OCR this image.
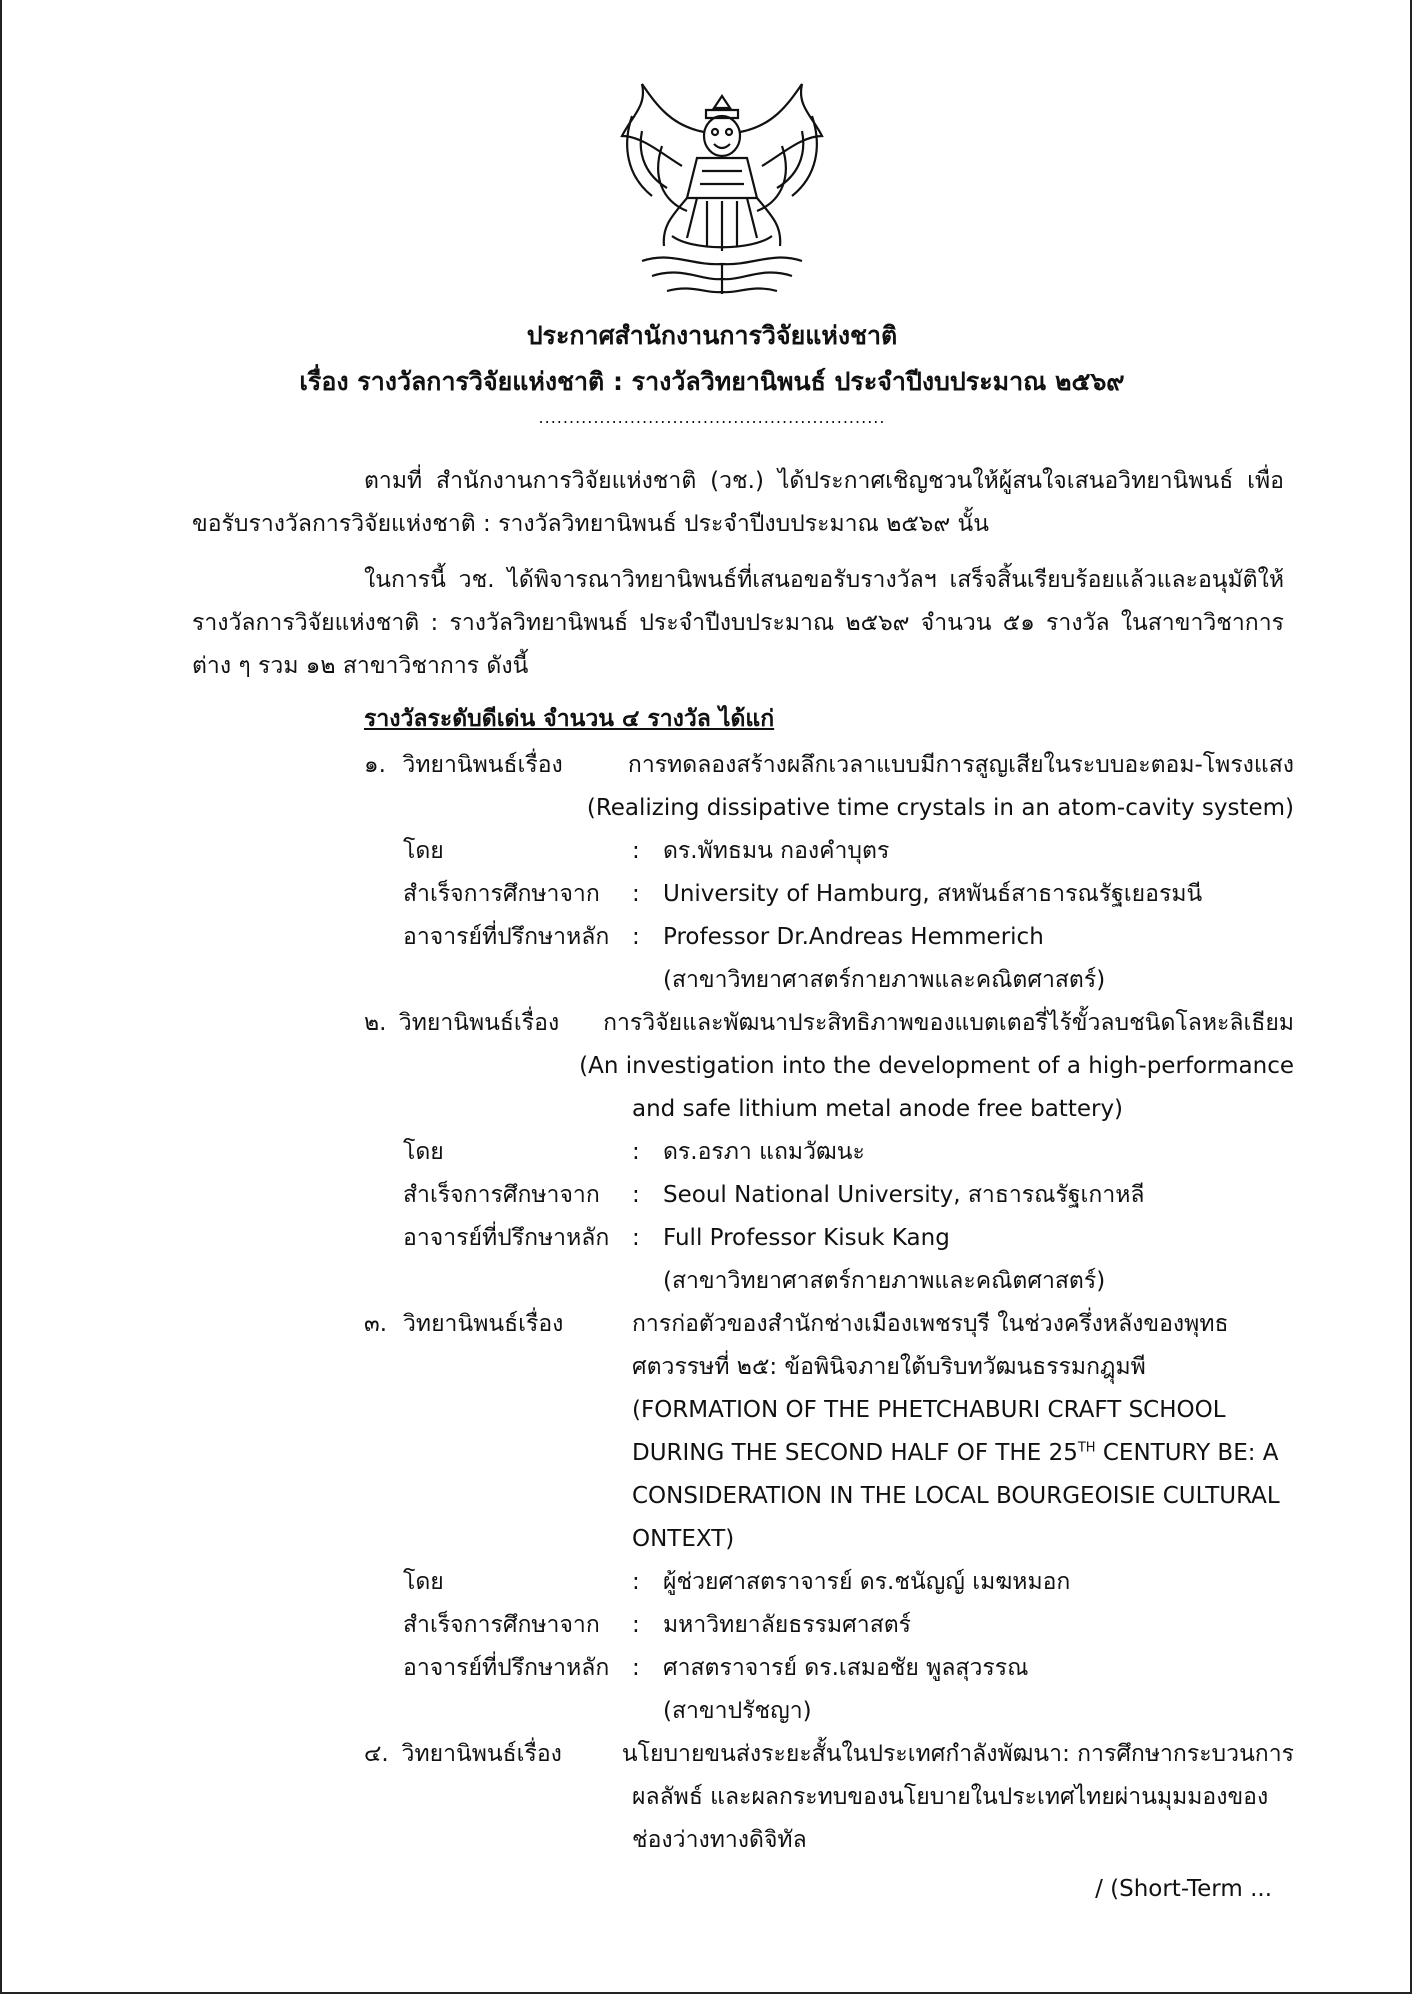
ประกาศสำนักงานการวิจัยแห่งชาติ
เรื่อง รางวัลการวิจัยแห่งชาติ : รางวัลวิทยานิพนธ์ ประจำปีงบประมาณ ๒๕๖๙
.........................................................
ตามที่ สำนักงานการวิจัยแห่งชาติ (วช.) ได้ประกาศเชิญชวนให้ผู้สนใจเสนอวิทยานิพนธ์ เพื่อขอรับรางวัลการวิจัยแห่งชาติ : รางวัลวิทยานิพนธ์ ประจำปีงบประมาณ ๒๕๖๙ นั้น
ในการนี้ วช. ได้พิจารณาวิทยานิพนธ์ที่เสนอขอรับรางวัลฯ เสร็จสิ้นเรียบร้อยแล้วและอนุมัติให้ รางวัลการวิจัยแห่งชาติ : รางวัลวิทยานิพนธ์ ประจำปีงบประมาณ ๒๕๖๙ จำนวน ๕๑ รางวัล ในสาขาวิชาการต่าง ๆ รวม ๑๒ สาขาวิชาการ ดังนี้
รางวัลระดับดีเด่น จำนวน ๔ รางวัล ได้แก่
๑. วิทยานิพนธ์เรื่อง	การทดลองสร้างผลึกเวลาแบบมีการสูญเสียในระบบอะตอม-โพรงแสง
(Realizing dissipative time crystals in an atom-cavity system)
โดย	: ดร.พัทธมน กองคำบุตร
สำเร็จการศึกษาจาก	: University of Hamburg, สหพันธ์สาธารณรัฐเยอรมนี
อาจารย์ที่ปรึกษาหลัก : Professor Dr.Andreas Hemmerich
(สาขาวิทยาศาสตร์กายภาพและคณิตศาสตร์)
๒. วิทยานิพนธ์เรื่อง	การวิจัยและพัฒนาประสิทธิภาพของแบตเตอรี่ไร้ขั้วลบชนิดโลหะลิเธียม
(An investigation into the development of a high-performance
and safe lithium metal anode free battery)
โดย	: ดร.อรภา แถมวัฒนะ
สำเร็จการศึกษาจาก	: Seoul National University, สาธารณรัฐเกาหลี
อาจารย์ที่ปรึกษาหลัก : Full Professor Kisuk Kang
(สาขาวิทยาศาสตร์กายภาพและคณิตศาสตร์)
๓. วิทยานิพนธ์เรื่อง	การก่อตัวของสำนักช่างเมืองเพชรบุรี ในช่วงครึ่งหลังของพุทธ
ศตวรรษที่ ๒๕: ข้อพินิจภายใต้บริบทวัฒนธรรมกฎุมพี
(FORMATION OF THE PHETCHABURI CRAFT SCHOOL
DURING THE SECOND HALF OF THE 25TH CENTURY BE: A
CONSIDERATION IN THE LOCAL BOURGEOISIE CULTURAL
ONTEXT)
โดย	: ผู้ช่วยศาสตราจารย์ ดร.ชนัญญ์ เมฆหมอก
สำเร็จการศึกษาจาก	: มหาวิทยาลัยธรรมศาสตร์
อาจารย์ที่ปรึกษาหลัก : ศาสตราจารย์ ดร.เสมอชัย พูลสุวรรณ
(สาขาปรัชญา)
๔. วิทยานิพนธ์เรื่อง	นโยบายขนส่งระยะสั้นในประเทศกำลังพัฒนา: การศึกษากระบวนการ
ผลลัพธ์ และผลกระทบของนโยบายในประเทศไทยผ่านมุมมองของ
ช่องว่างทางดิจิทัล
/ (Short-Term ...
